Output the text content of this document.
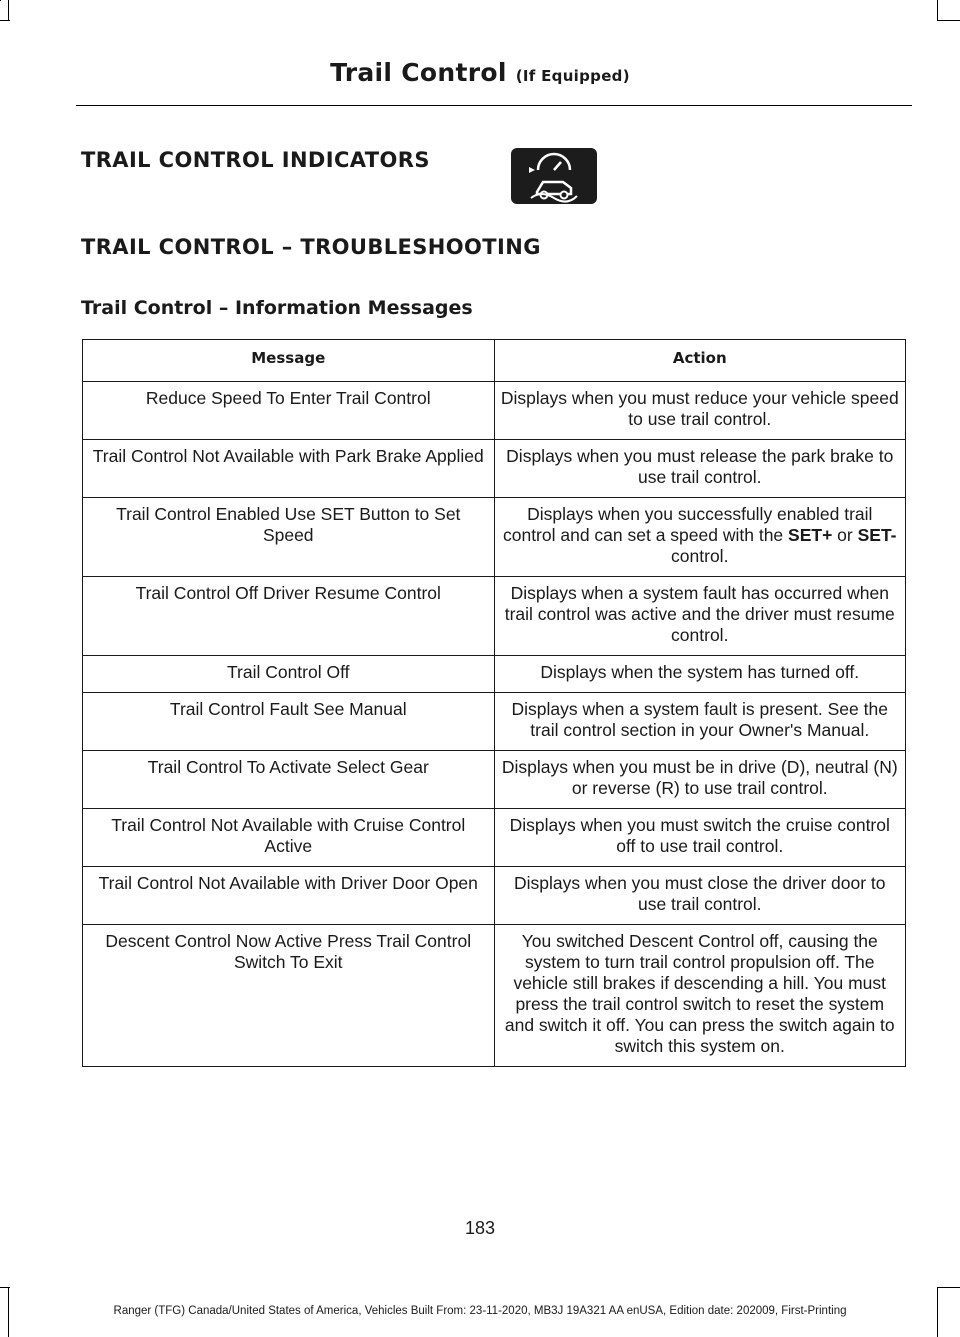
Trail Control (If Equipped)
TRAIL CONTROL INDICATORS
TRAIL CONTROL – TROUBLESHOOTING
Trail Control – Information Messages
Message	Action
Reduce Speed To Enter Trail Control	Displays when you must reduce your vehicle speed to use trail control.
Trail Control Not Available with Park Brake Applied	Displays when you must release the park brake to use trail control.
Trail Control Enabled Use SET Button to Set Speed	Displays when you successfully enabled trail control and can set a speed with the SET+ or SET- control.
Trail Control Off Driver Resume Control	Displays when a system fault has occurred when trail control was active and the driver must resume control.
Trail Control Off	Displays when the system has turned off.
Trail Control Fault See Manual	Displays when a system fault is present. See the trail control section in your Owner's Manual.
Trail Control To Activate Select Gear	Displays when you must be in drive (D), neutral (N) or reverse (R) to use trail control.
Trail Control Not Available with Cruise Control Active	Displays when you must switch the cruise control off to use trail control.
Trail Control Not Available with Driver Door Open	Displays when you must close the driver door to use trail control.
Descent Control Now Active Press Trail Control Switch To Exit	You switched Descent Control off, causing the system to turn trail control propulsion off. The vehicle still brakes if descending a hill. You must press the trail control switch to reset the system and switch it off. You can press the switch again to switch this system on.
183
Ranger (TFG) Canada/United States of America, Vehicles Built From: 23-11-2020, MB3J 19A321 AA enUSA, Edition date: 202009, First-Printing
